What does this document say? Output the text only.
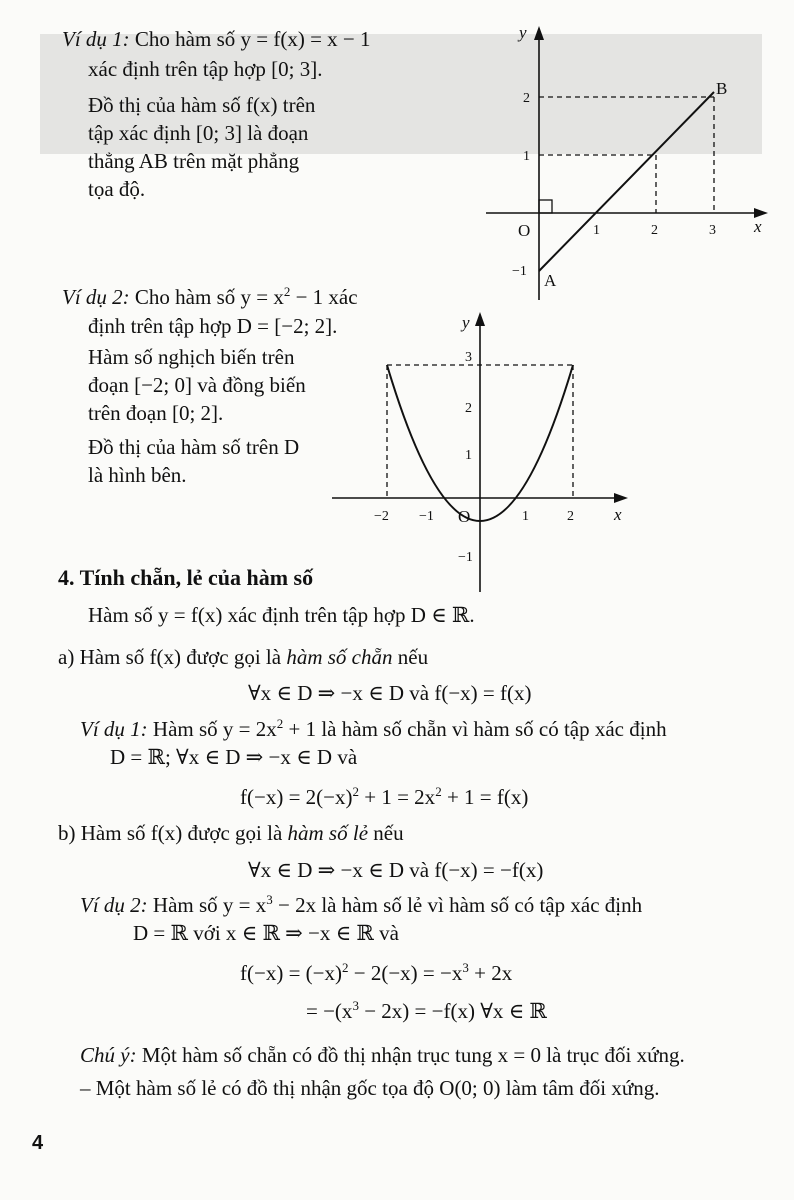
Ví dụ 1: Cho hàm số y = f(x) = x − 1
xác định trên tập hợp [0; 3].
Đồ thị của hàm số f(x) trên
tập xác định [0; 3] là đoạn
thẳng AB trên mặt phẳng
tọa độ.
y
x
O	1	2	3
2
1
−1 A
B
Ví dụ 2: Cho hàm số $y = x^2 - 1$ xác
định trên tập hợp D = [−2; 2].
Hàm số nghịch biến trên
đoạn [−2; 0] và đồng biến
trên đoạn [0; 2].
Đồ thị của hàm số trên D
là hình bên.
y
x
O
−2 −1	1	2
3
2
1
−1
4. Tính chẵn, lẻ của hàm số
Hàm số y = f(x) xác định trên tập hợp D ∈ ℝ.
a) Hàm số f(x) được gọi là hàm số chẵn nếu
∀x ∈ D ⇒ −x ∈ D và f(−x) = f(x)
Ví dụ 1: Hàm số $y = 2x^2 + 1$ là hàm số chẵn vì hàm số có tập xác định
D = ℝ; ∀x ∈ D ⇒ −x ∈ D và
$f(-x) = 2(-x)^2 + 1 = 2x^2 + 1 = f(x)$
b) Hàm số f(x) được gọi là hàm số lẻ nếu
∀x ∈ D ⇒ −x ∈ D và f(−x) = −f(x)
Ví dụ 2: Hàm số $y = x^3 - 2x$ là hàm số lẻ vì hàm số có tập xác định
D = ℝ với x ∈ ℝ ⇒ −x ∈ ℝ và
$f(-x) = (-x)^2 - 2(-x) = -x^3 + 2x$
= $-(x^3 - 2x) = -f(x)$ ∀x ∈ ℝ
Chú ý: Một hàm số chẵn có đồ thị nhận trục tung x = 0 là trục đối xứng.
– Một hàm số lẻ có đồ thị nhận gốc tọa độ O(0; 0) làm tâm đối xứng.
4
